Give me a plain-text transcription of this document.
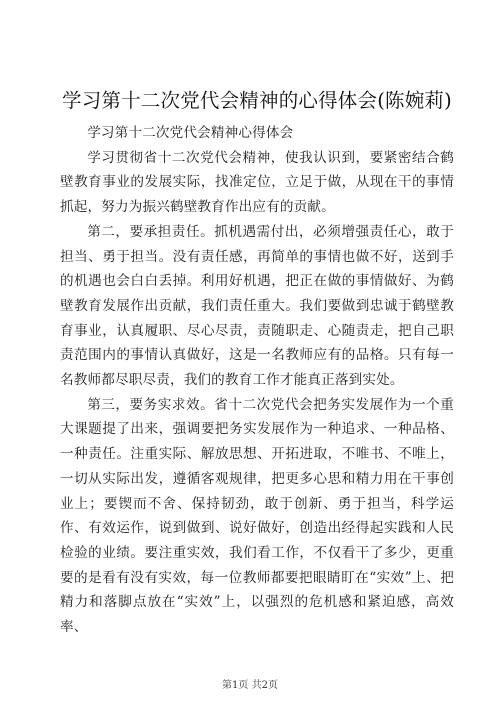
学习第十二次党代会精神的心得体会(陈婉莉)

学习第十二次党代会精神心得体会

学习贯彻省十二次党代会精神，使我认识到，要紧密结合鹤壁教育事业的发展实际，找准定位，立足于做，从现在干的事情抓起，努力为振兴鹤壁教育作出应有的贡献。

第二，要承担责任。抓机遇需付出，必须增强责任心，敢于担当、勇于担当。没有责任感，再简单的事情也做不好，送到手的机遇也会白白丢掉。利用好机遇，把正在做的事情做好、为鹤壁教育发展作出贡献，我们责任重大。我们要做到忠诚于鹤壁教育事业，认真履职、尽心尽责，责随职走、心随责走，把自己职责范围内的事情认真做好，这是一名教师应有的品格。只有每一名教师都尽职尽责，我们的教育工作才能真正落到实处。

第三，要务实求效。省十二次党代会把务实发展作为一个重大课题提了出来，强调要把务实发展作为一种追求、一种品格、一种责任。注重实际、解放思想、开拓进取，不唯书、不唯上，一切从实际出发，遵循客观规律，把更多心思和精力用在干事创业上；要锲而不舍、保持韧劲，敢于创新、勇于担当，科学运作、有效运作，说到做到、说好做好，创造出经得起实践和人民检验的业绩。要注重实效，我们看工作，不仅看干了多少，更重要的是看有没有实效，每一位教师都要把眼睛盯在“实效”上、把精力和落脚点放在“实效”上，以强烈的危机感和紧迫感，高效率、

第1页 共2页
